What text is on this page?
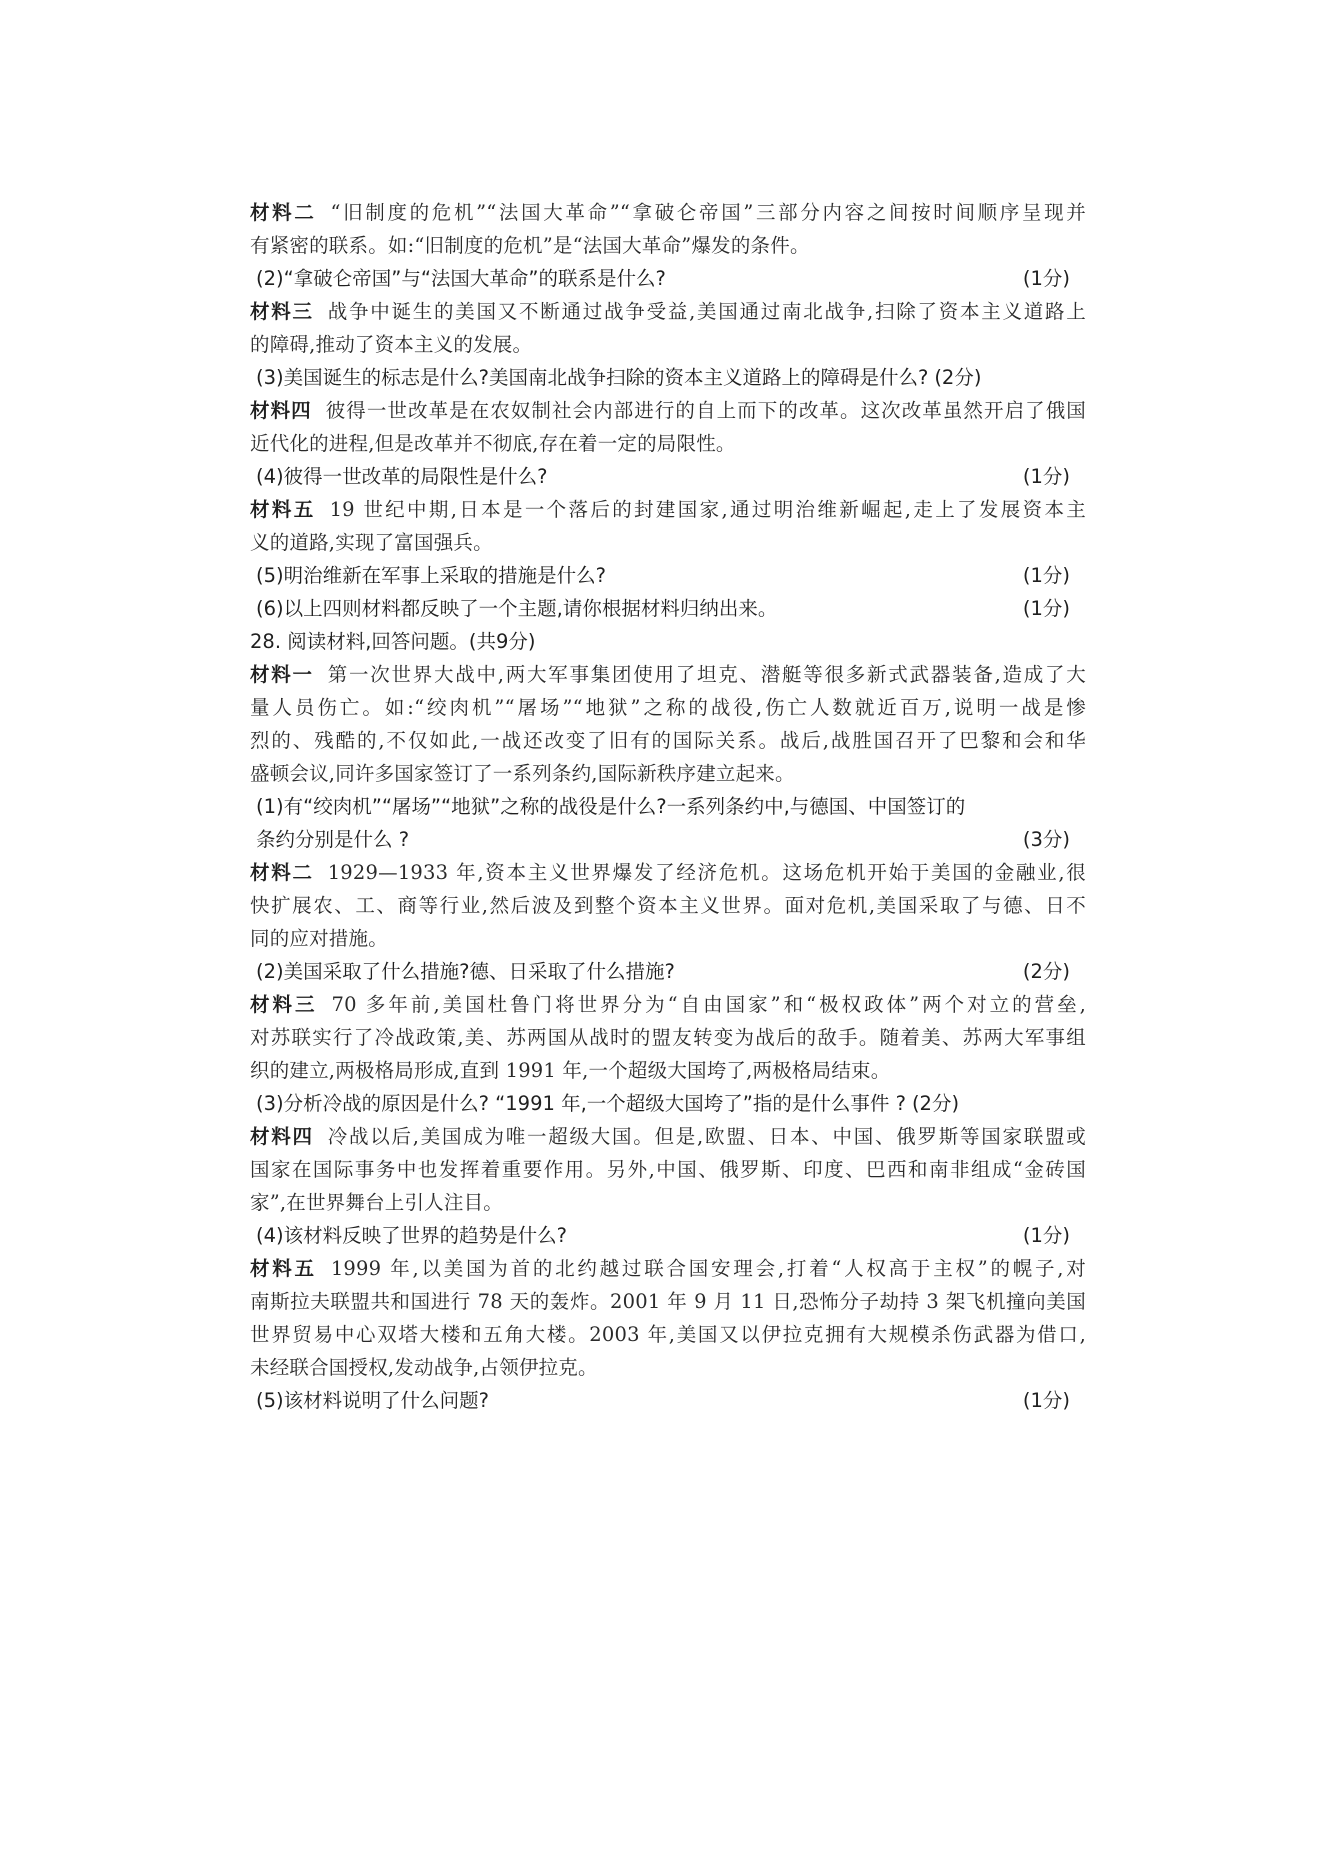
材料二 “旧制度的危机”“法国大革命”“拿破仑帝国”三部分内容之间按时间顺序呈现并
有紧密的联系。如:“旧制度的危机”是“法国大革命”爆发的条件。
(2)“拿破仑帝国”与“法国大革命”的联系是什么?	(1分)
材料三 战争中诞生的美国又不断通过战争受益,美国通过南北战争,扫除了资本主义道路上
的障碍,推动了资本主义的发展。
(3)美国诞生的标志是什么?美国南北战争扫除的资本主义道路上的障碍是什么? (2分)
材料四 彼得一世改革是在农奴制社会内部进行的自上而下的改革。这次改革虽然开启了俄国
近代化的进程,但是改革并不彻底,存在着一定的局限性。
(4)彼得一世改革的局限性是什么?	(1分)
材料五 19 世纪中期,日本是一个落后的封建国家,通过明治维新崛起,走上了发展资本主
义的道路,实现了富国强兵。
(5)明治维新在军事上采取的措施是什么?	(1分)
(6)以上四则材料都反映了一个主题,请你根据材料归纳出来。	(1分)
28. 阅读材料,回答问题。(共9分)
材料一 第一次世界大战中,两大军事集团使用了坦克、潜艇等很多新式武器装备,造成了大
量人员伤亡。如:“绞肉机”“屠场”“地狱”之称的战役,伤亡人数就近百万,说明一战是惨
烈的、残酷的,不仅如此,一战还改变了旧有的国际关系。战后,战胜国召开了巴黎和会和华
盛顿会议,同许多国家签订了一系列条约,国际新秩序建立起来。
(1)有“绞肉机”“屠场”“地狱”之称的战役是什么?一系列条约中,与德国、中国签订的
条约分别是什么 ?	(3分)
材料二 1929—1933 年,资本主义世界爆发了经济危机。这场危机开始于美国的金融业,很
快扩展农、工、商等行业,然后波及到整个资本主义世界。面对危机,美国采取了与德、日不
同的应对措施。
(2)美国采取了什么措施?德、日采取了什么措施?	(2分)
材料三 70 多年前,美国杜鲁门将世界分为“自由国家”和“极权政体”两个对立的营垒,
对苏联实行了冷战政策,美、苏两国从战时的盟友转变为战后的敌手。随着美、苏两大军事组
织的建立,两极格局形成,直到 1991 年,一个超级大国垮了,两极格局结束。
(3)分析冷战的原因是什么? “1991 年,一个超级大国垮了”指的是什么事件 ? (2分)
材料四 冷战以后,美国成为唯一超级大国。但是,欧盟、日本、中国、俄罗斯等国家联盟或
国家在国际事务中也发挥着重要作用。另外,中国、俄罗斯、印度、巴西和南非组成“金砖国
家”,在世界舞台上引人注目。
(4)该材料反映了世界的趋势是什么?	(1分)
材料五 1999 年,以美国为首的北约越过联合国安理会,打着“人权高于主权”的幌子,对
南斯拉夫联盟共和国进行 78 天的轰炸。2001 年 9 月 11 日,恐怖分子劫持 3 架飞机撞向美国
世界贸易中心双塔大楼和五角大楼。2003 年,美国又以伊拉克拥有大规模杀伤武器为借口,
未经联合国授权,发动战争,占领伊拉克。
(5)该材料说明了什么问题?	(1分)
